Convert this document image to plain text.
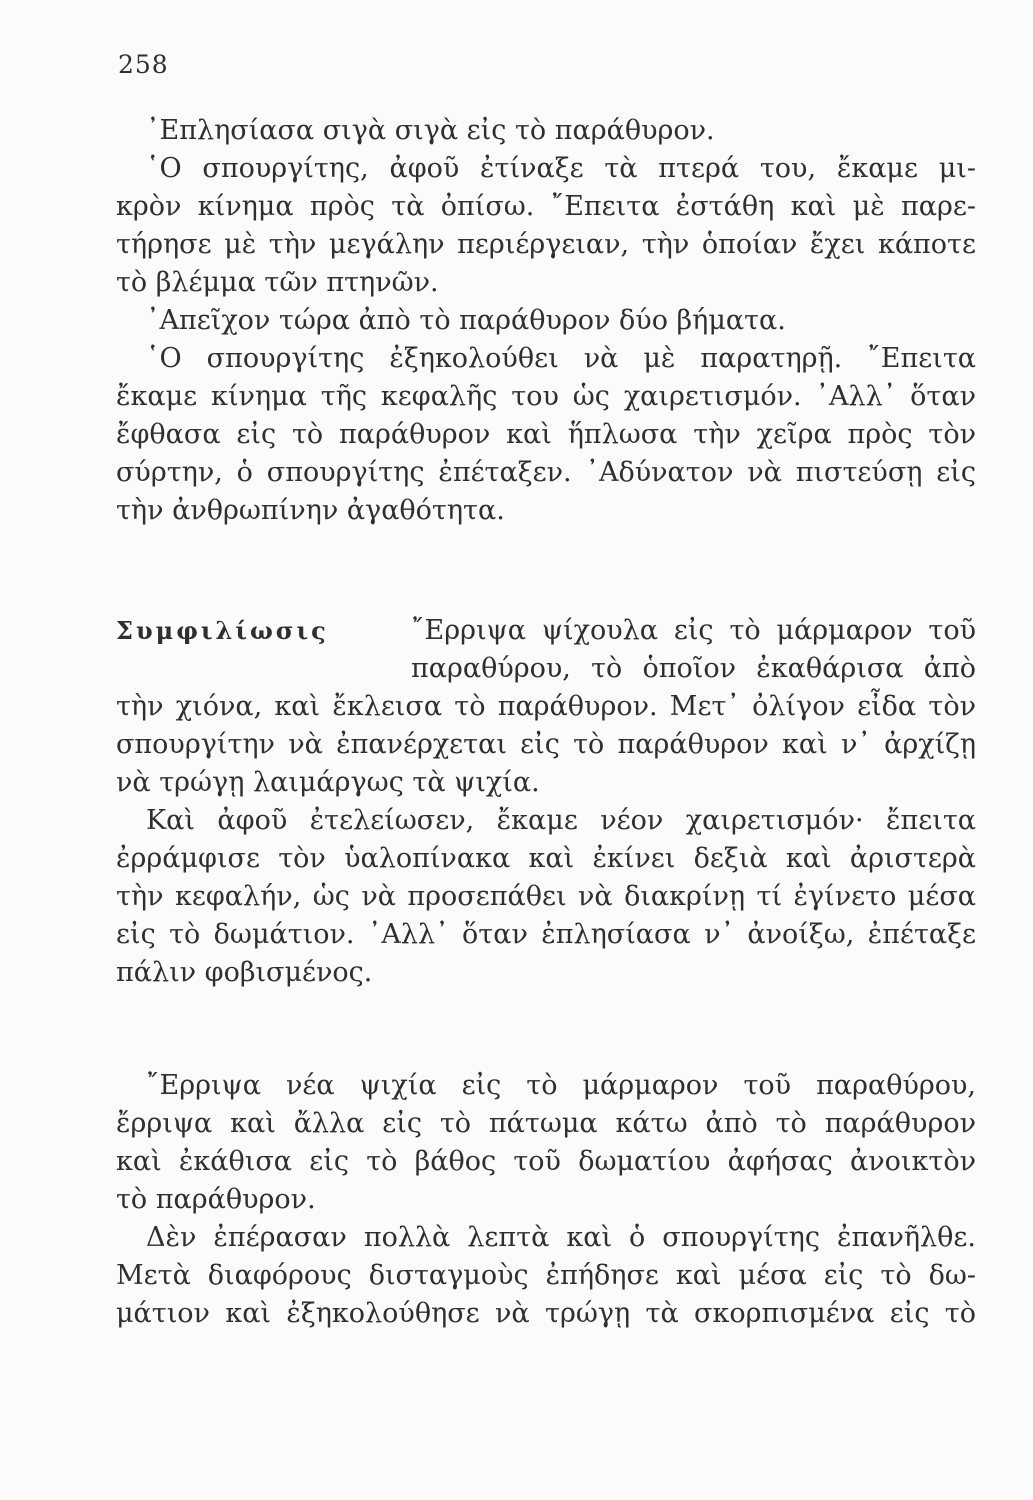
258
᾿Επλησίασα σιγὰ σιγὰ εἰς τὸ παράθυρον.
῾Ο σπουργίτης, ἀφοῦ ἐτίναξε τὰ πτερά του, ἔκαμε μι-
κρὸν κίνημα πρὸς τὰ ὀπίσω. ῎Επειτα ἐστάθη καὶ μὲ παρε-
τήρησε μὲ τὴν μεγάλην περιέργειαν, τὴν ὁποίαν ἔχει κάποτε
τὸ βλέμμα τῶν πτηνῶν.
᾿Απεῖχον τώρα ἀπὸ τὸ παράθυρον δύο βήματα.
῾Ο σπουργίτης ἐξηκολούθει νὰ μὲ παρατηρῇ. ῎Επειτα
ἔκαμε κίνημα τῆς κεφαλῆς του ὡς χαιρετισμόν. ᾿Αλλ᾿ ὅταν
ἔφθασα εἰς τὸ παράθυρον καὶ ἥπλωσα τὴν χεῖρα πρὸς τὸν
σύρτην, ὁ σπουργίτης ἐπέταξεν. ᾿Αδύνατον νὰ πιστεύσῃ εἰς
τὴν ἀνθρωπίνην ἀγαθότητα.
Συμφιλίωσις	῎Ερριψα ψίχουλα εἰς τὸ μάρμαρον τοῦ
παραθύρου, τὸ ὁποῖον ἐκαθάρισα ἀπὸ
τὴν χιόνα, καὶ ἔκλεισα τὸ παράθυρον. Μετ᾿ ὀλίγον εἶδα τὸν
σπουργίτην νὰ ἐπανέρχεται εἰς τὸ παράθυρον καὶ ν᾿ ἀρχίζῃ
νὰ τρώγῃ λαιμάργως τὰ ψιχία.
Καὶ ἀφοῦ ἐτελείωσεν, ἔκαμε νέον χαιρετισμόν· ἔπειτα
ἐρράμφισε τὸν ὑαλοπίνακα καὶ ἐκίνει δεξιὰ καὶ ἀριστερὰ
τὴν κεφαλήν, ὡς νὰ προσεπάθει νὰ διακρίνῃ τί ἐγίνετο μέσα
εἰς τὸ δωμάτιον. ᾿Αλλ᾿ ὅταν ἐπλησίασα ν᾿ ἀνοίξω, ἐπέταξε
πάλιν φοβισμένος.
῎Ερριψα νέα ψιχία εἰς τὸ μάρμαρον τοῦ παραθύρου,
ἔρριψα καὶ ἄλλα εἰς τὸ πάτωμα κάτω ἀπὸ τὸ παράθυρον
καὶ ἐκάθισα εἰς τὸ βάθος τοῦ δωματίου ἀφήσας ἀνοικτὸν
τὸ παράθυρον.
Δὲν ἐπέρασαν πολλὰ λεπτὰ καὶ ὁ σπουργίτης ἐπανῆλθε.
Μετὰ διαφόρους δισταγμοὺς ἐπήδησε καὶ μέσα εἰς τὸ δω-
μάτιον καὶ ἐξηκολούθησε νὰ τρώγῃ τὰ σκορπισμένα εἰς τὸ
